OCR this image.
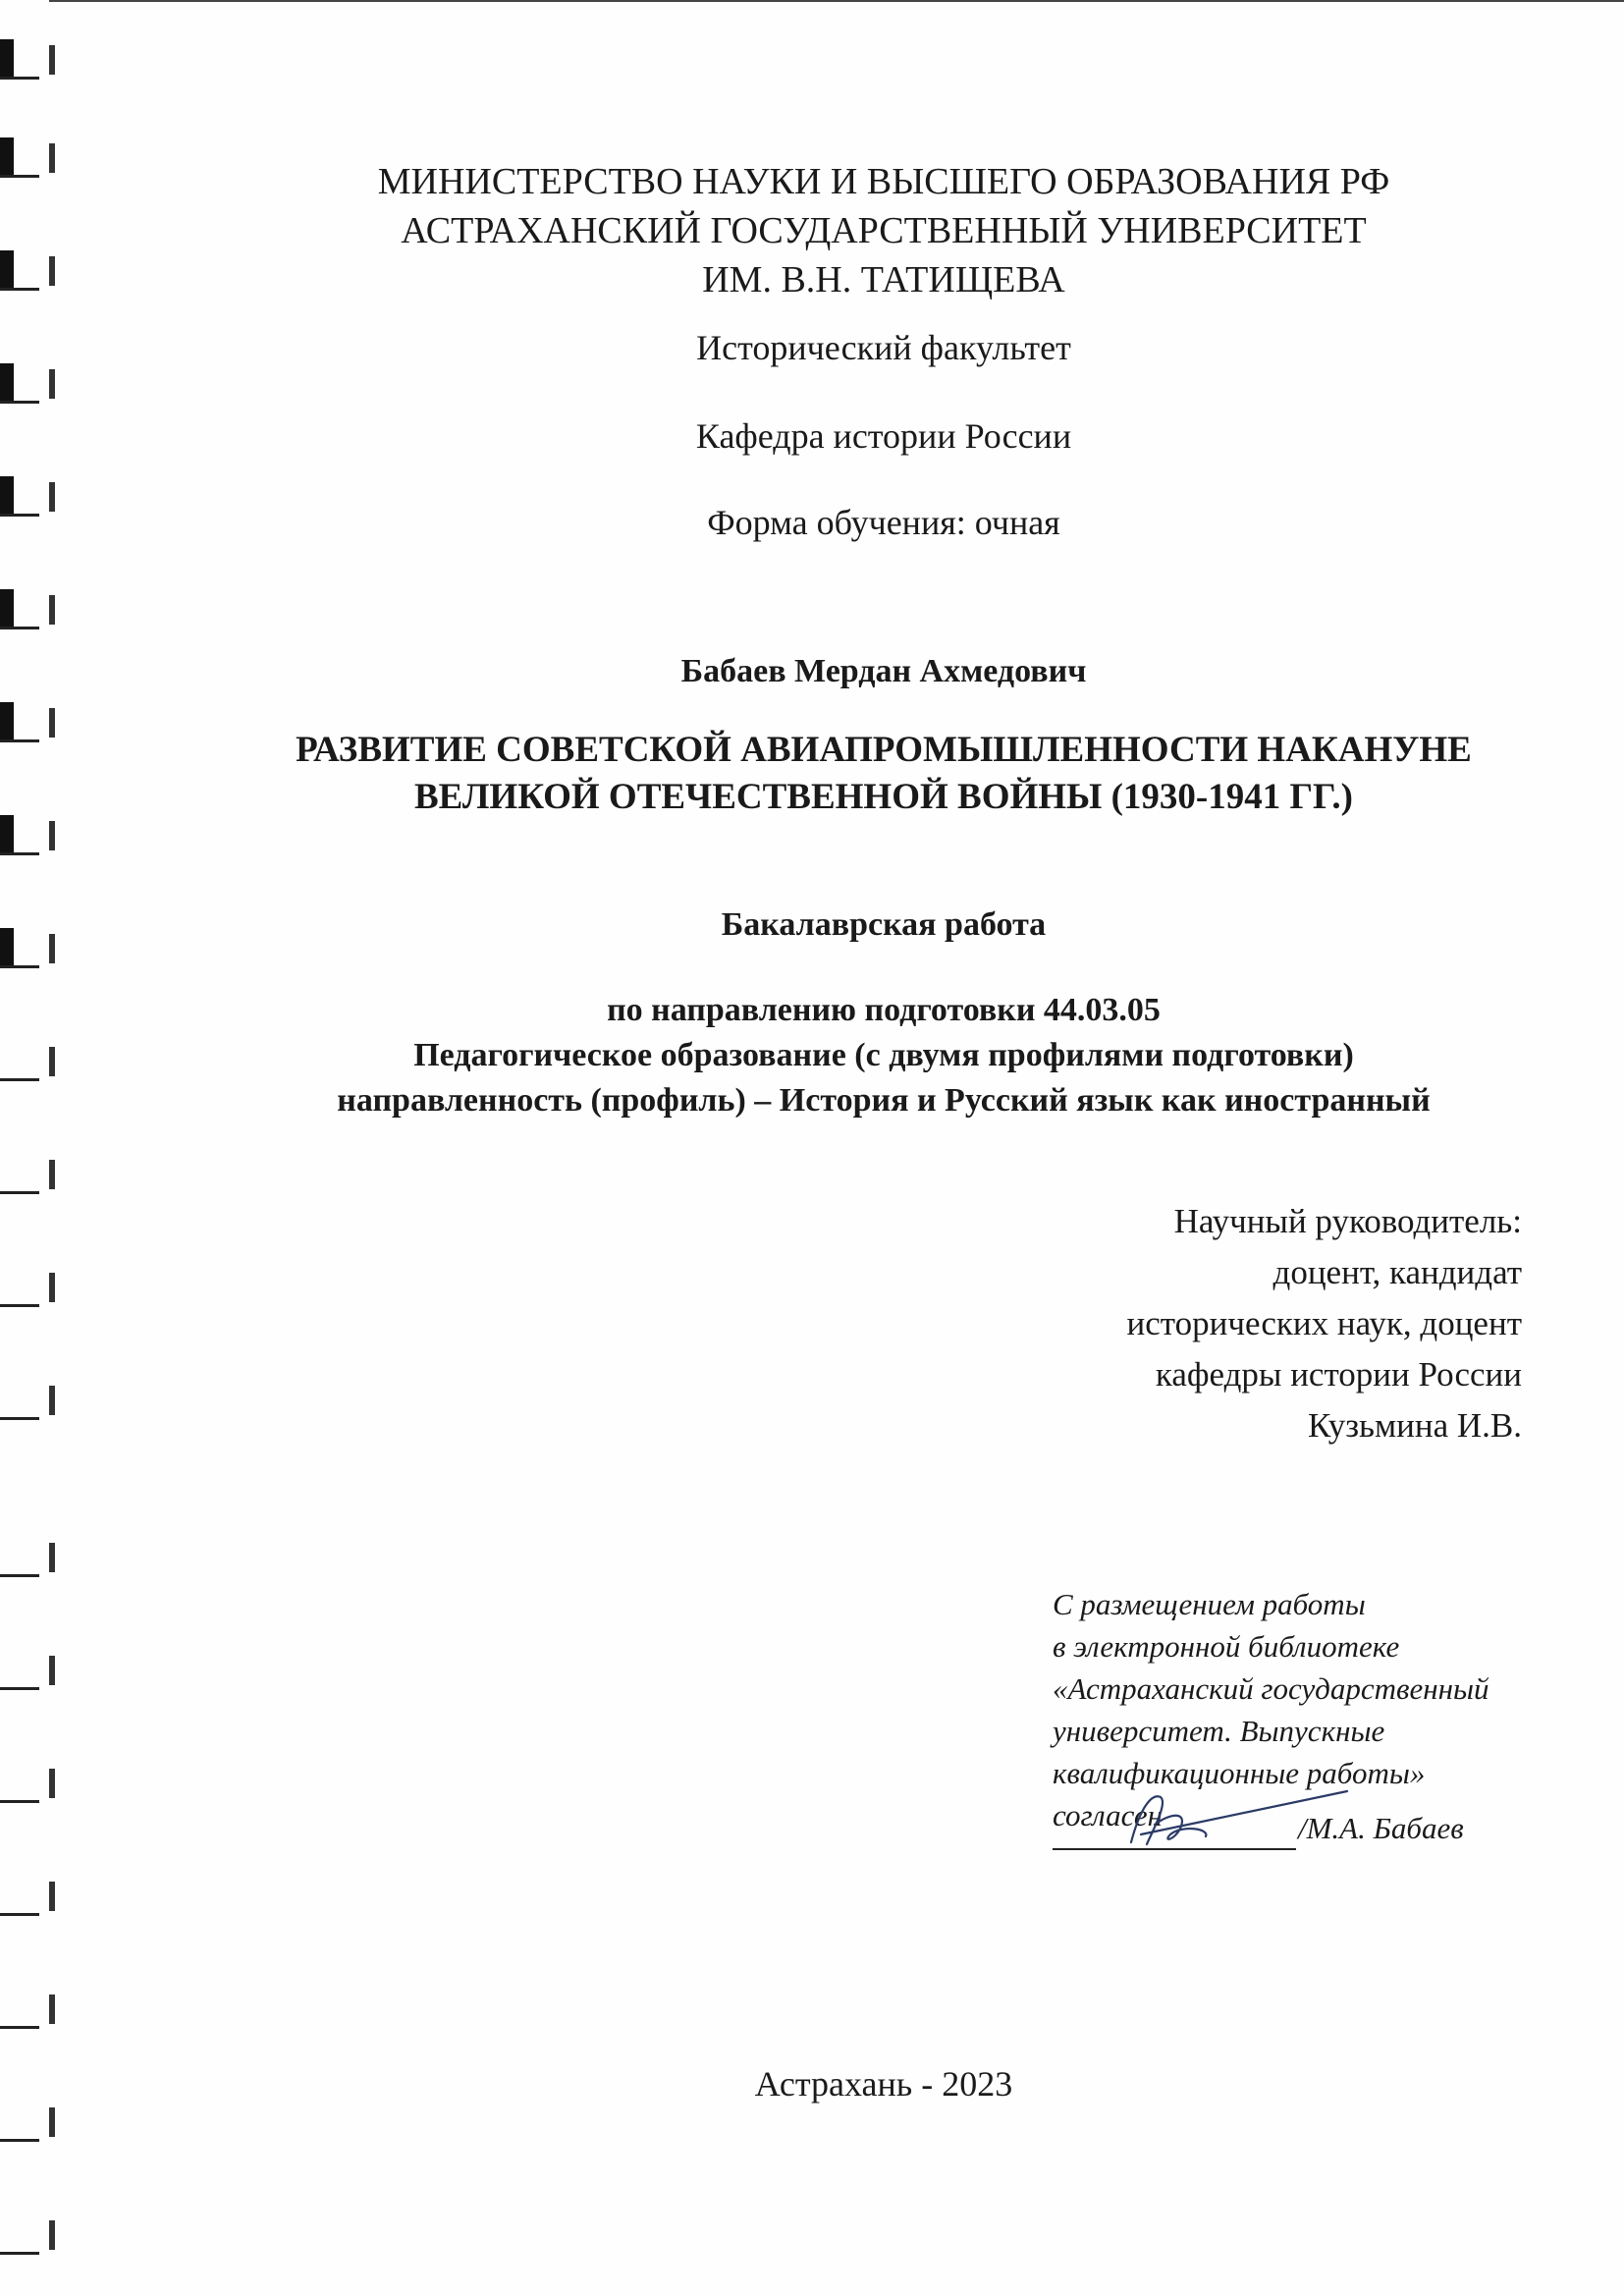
МИНИСТЕРСТВО НАУКИ И ВЫСШЕГО ОБРАЗОВАНИЯ РФ
АСТРАХАНСКИЙ ГОСУДАРСТВЕННЫЙ УНИВЕРСИТЕТ
ИМ. В.Н. ТАТИЩЕВА
Исторический факультет
Кафедра истории России
Форма обучения: очная
Бабаев Мердан Ахмедович
РАЗВИТИЕ СОВЕТСКОЙ АВИАПРОМЫШЛЕННОСТИ НАКАНУНЕ
ВЕЛИКОЙ ОТЕЧЕСТВЕННОЙ ВОЙНЫ (1930-1941 ГГ.)
Бакалаврская работа
по направлению подготовки 44.03.05
Педагогическое образование (с двумя профилями подготовки)
направленность (профиль) – История и Русский язык как иностранный
Научный руководитель:
доцент, кандидат
исторических наук, доцент
кафедры истории России
Кузьмина И.В.
С размещением работы
в электронной библиотеке
«Астраханский государственный
университет. Выпускные
квалификационные работы»
согласен	/М.А. Бабаев
Астрахань - 2023
